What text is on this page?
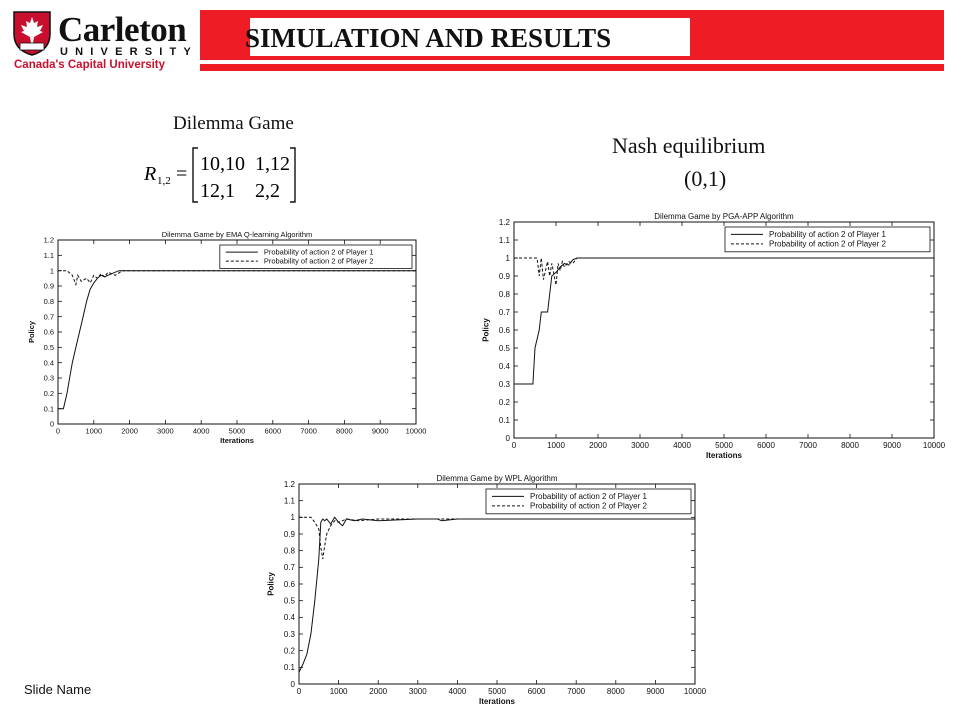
Carleton
UNIVERSITY
Canada's Capital University
SIMULATION AND RESULTS
Dilemma Game
R 1,2 = 10,10 1,12
12,1 2,2
Nash equilibrium
(0,1)
Dilemma Game by EMA Q-learning Algorithm
0
0.1
0.2
0.3
0.4
0.5
0.6
0.7
0.8
0.9
1
1.1
1.2
0	1000	2000	3000	4000	5000	6000	7000	8000	9000 10000
Iterations
Policy
Probability of action 2 of Player 1
Probability of action 2 of Player 2
Dilemma Game by PGA-APP Algorithm
0
0.1
0.2
0.3
0.4
0.5
0.6
0.7
0.8
0.9
1
1.1
1.2
0	1000	2000	3000	4000	5000	6000	7000	8000	9000	10000
Iterations
Policy
Probability of action 2 of Player 1
Probability of action 2 of Player 2
Dilemma Game by WPL Algorithm
0
0.1
0.2
0.3
0.4
0.5
0.6
0.7
0.8
0.9
1
1.1
1.2
0	1000	2000	3000	4000	5000	6000	7000	8000	9000 10000
Iterations
Policy
Probability of action 2 of Player 1
Probability of action 2 of Player 2
Slide Name
